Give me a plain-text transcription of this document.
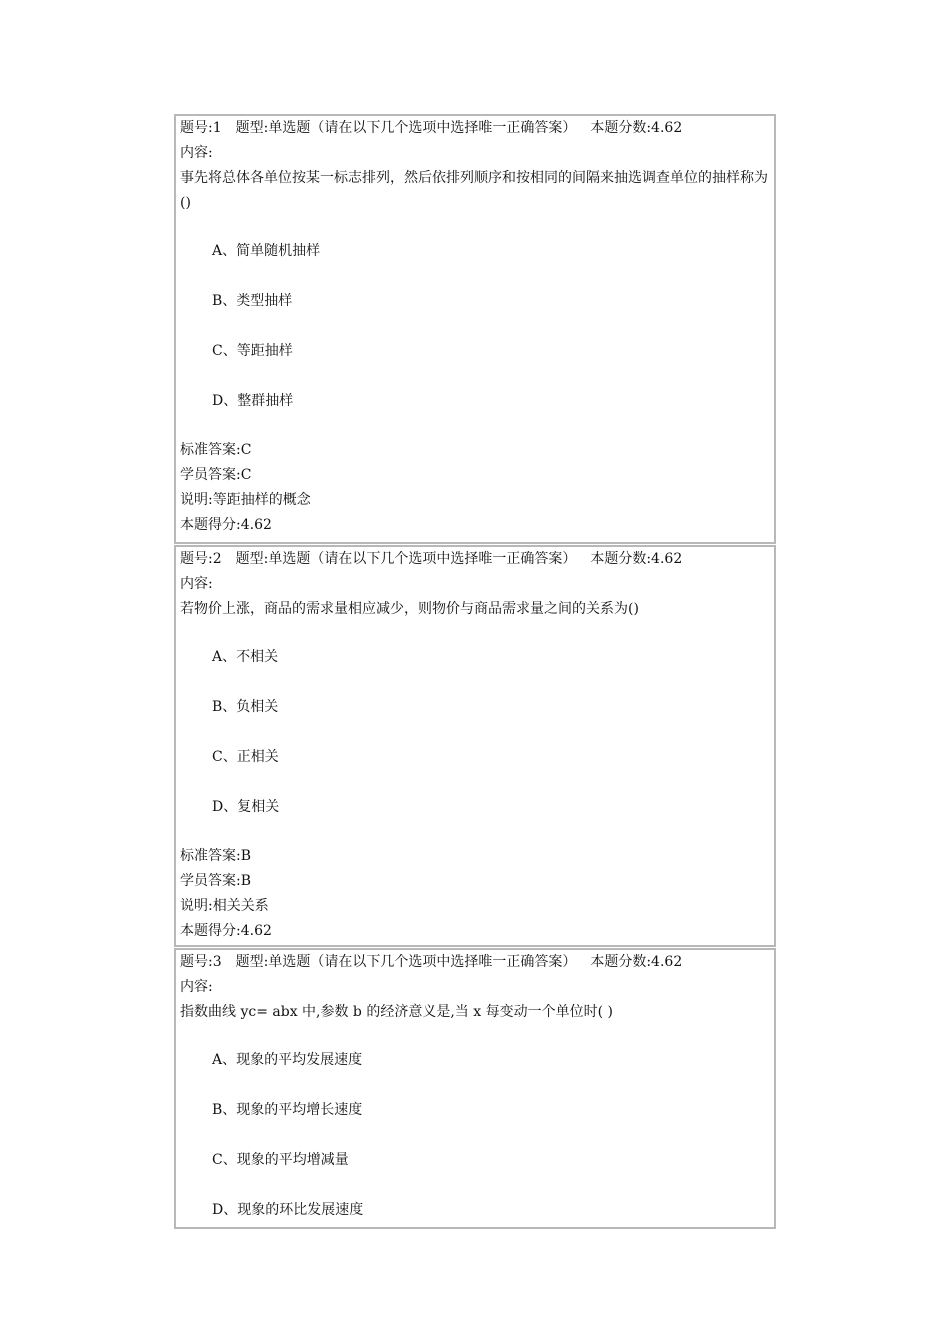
题号:1 题型:单选题（请在以下几个选项中选择唯一正确答案） 本题分数:4.62
内容:
事先将总体各单位按某一标志排列，然后依排列顺序和按相同的间隔来抽选调查单位的抽样称为()
A、简单随机抽样
B、类型抽样
C、等距抽样
D、整群抽样
标准答案:C
学员答案:C
说明:等距抽样的概念
本题得分:4.62
题号:2 题型:单选题（请在以下几个选项中选择唯一正确答案） 本题分数:4.62
内容:
若物价上涨，商品的需求量相应减少，则物价与商品需求量之间的关系为()
A、不相关
B、负相关
C、正相关
D、复相关
标准答案:B
学员答案:B
说明:相关关系
本题得分:4.62
题号:3 题型:单选题（请在以下几个选项中选择唯一正确答案） 本题分数:4.62
内容:
指数曲线 yc= abx 中,参数 b 的经济意义是,当 x 每变动一个单位时( )
A、现象的平均发展速度
B、现象的平均增长速度
C、现象的平均增减量
D、现象的环比发展速度
